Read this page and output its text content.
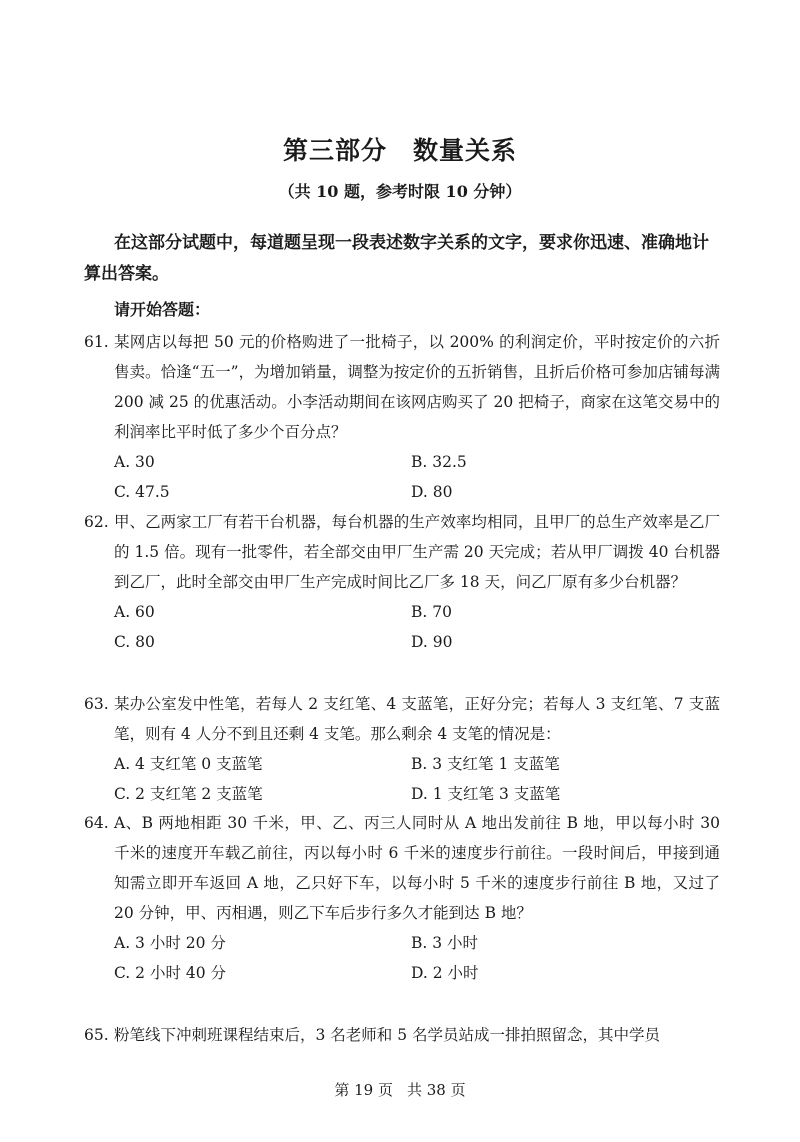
第三部分 数量关系
（共 10 题，参考时限 10 分钟）
在这部分试题中，每道题呈现一段表述数字关系的文字，要求你迅速、准确地计算出答案。
请开始答题：
61. 某网店以每把 50 元的价格购进了一批椅子，以 200% 的利润定价，平时按定价的六折售卖。恰逢“五一”，为增加销量，调整为按定价的五折销售，且折后价格可参加店铺每满 200 减 25 的优惠活动。小李活动期间在该网店购买了 20 把椅子，商家在这笔交易中的利润率比平时低了多少个百分点？
A. 30	B. 32.5
C. 47.5	D. 80
62. 甲、乙两家工厂有若干台机器，每台机器的生产效率均相同，且甲厂的总生产效率是乙厂的 1.5 倍。现有一批零件，若全部交由甲厂生产需 20 天完成；若从甲厂调拨 40 台机器到乙厂，此时全部交由甲厂生产完成时间比乙厂多 18 天，问乙厂原有多少台机器？
A. 60	B. 70
C. 80	D. 90
63. 某办公室发中性笔，若每人 2 支红笔、4 支蓝笔，正好分完；若每人 3 支红笔、7 支蓝笔，则有 4 人分不到且还剩 4 支笔。那么剩余 4 支笔的情况是：
A. 4 支红笔 0 支蓝笔	B. 3 支红笔 1 支蓝笔
C. 2 支红笔 2 支蓝笔	D. 1 支红笔 3 支蓝笔
64. A、B 两地相距 30 千米，甲、乙、丙三人同时从 A 地出发前往 B 地，甲以每小时 30 千米的速度开车载乙前往，丙以每小时 6 千米的速度步行前往。一段时间后，甲接到通知需立即开车返回 A 地，乙只好下车，以每小时 5 千米的速度步行前往 B 地，又过了 20 分钟，甲、丙相遇，则乙下车后步行多久才能到达 B 地？
A. 3 小时 20 分	B. 3 小时
C. 2 小时 40 分	D. 2 小时
65. 粉笔线下冲刺班课程结束后，3 名老师和 5 名学员站成一排拍照留念，其中学员
第 19 页 共 38 页
